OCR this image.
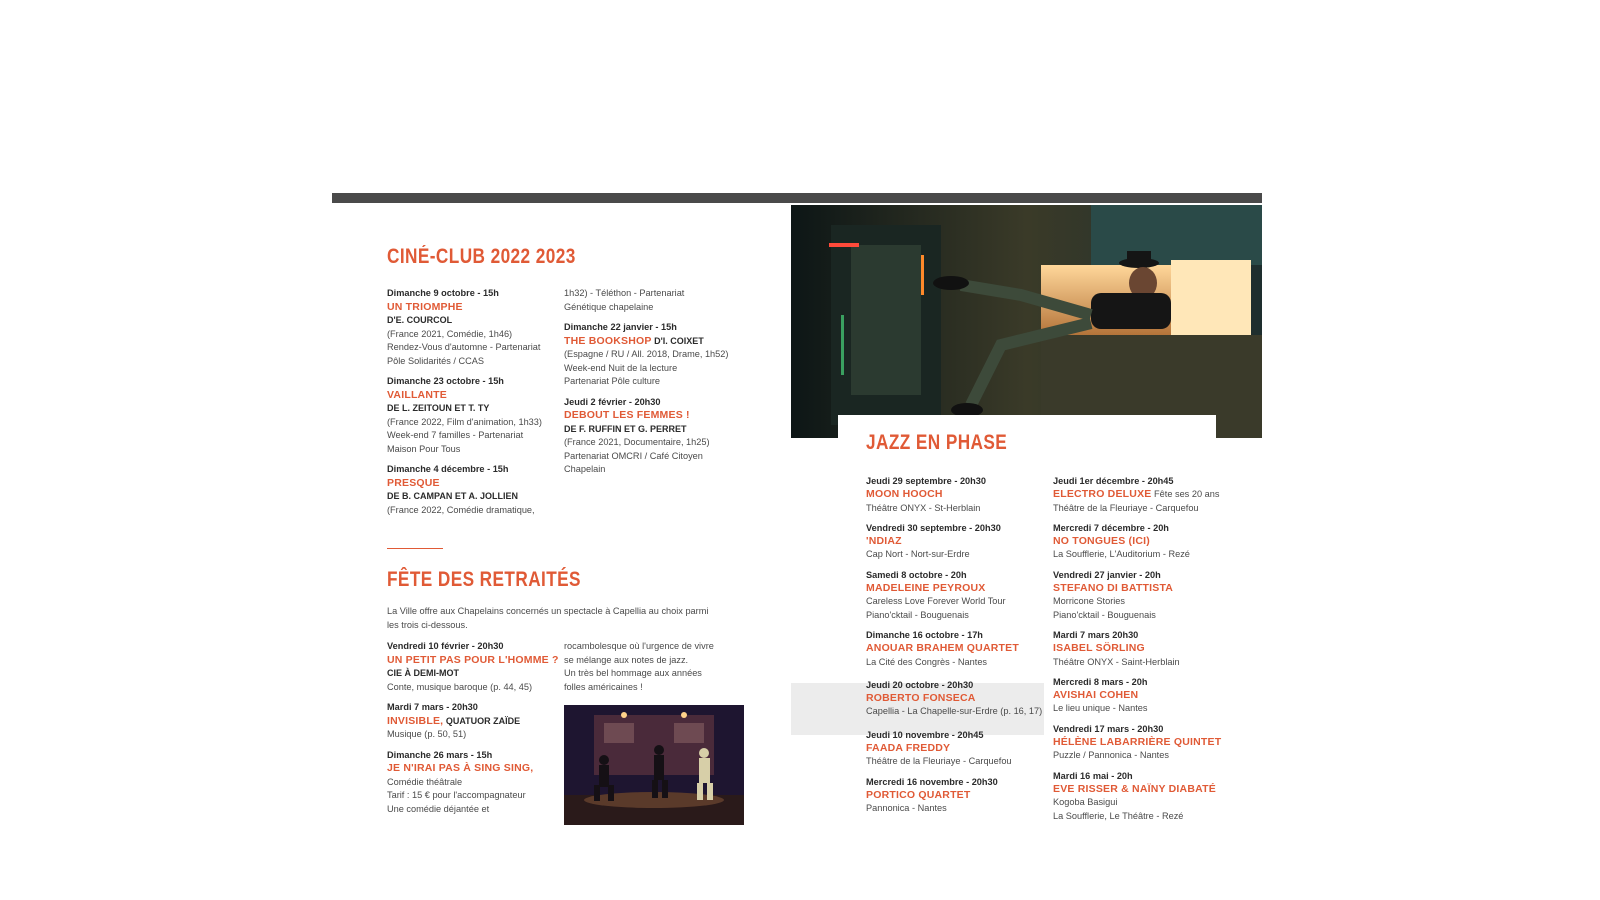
CINÉ-CLUB 2022 2023
Dimanche 9 octobre - 15h
UN TRIOMPHE
D'E. COURCOL
(France 2021, Comédie, 1h46)
Rendez-Vous d'automne - Partenariat
Pôle Solidarités / CCAS
Dimanche 23 octobre - 15h
VAILLANTE
DE L. ZEITOUN ET T. TY
(France 2022, Film d'animation, 1h33)
Week-end 7 familles - Partenariat
Maison Pour Tous
Dimanche 4 décembre - 15h
PRESQUE
DE B. CAMPAN ET A. JOLLIEN
(France 2022, Comédie dramatique,
1h32) - Téléthon - Partenariat
Génétique chapelaine
Dimanche 22 janvier - 15h
THE BOOKSHOP D'I. COIXET
(Espagne / RU / All. 2018, Drame, 1h52)
Week-end Nuit de la lecture
Partenariat Pôle culture
Jeudi 2 février - 20h30
DEBOUT LES FEMMES !
DE F. RUFFIN ET G. PERRET
(France 2021, Documentaire, 1h25)
Partenariat OMCRI / Café Citoyen
Chapelain
FÊTE DES RETRAITÉS
La Ville offre aux Chapelains concernés un spectacle à Capellia au choix parmi
les trois ci-dessous.
Vendredi 10 février - 20h30
UN PETIT PAS POUR L'HOMME ?
CIE À DEMI-MOT
Conte, musique baroque (p. 44, 45)
Mardi 7 mars - 20h30
INVISIBLE, QUATUOR ZAÏDE
Musique (p. 50, 51)
Dimanche 26 mars - 15h
JE N'IRAI PAS À SING SING,
Comédie théâtrale
Tarif : 15 € pour l'accompagnateur
Une comédie déjantée et
rocambolesque où l'urgence de vivre
se mélange aux notes de jazz.
Un très bel hommage aux années
folles américaines !
JAZZ EN PHASE
Jeudi 29 septembre - 20h30
MOON HOOCH
Théâtre ONYX - St-Herblain
Vendredi 30 septembre - 20h30
'NDIAZ
Cap Nort - Nort-sur-Erdre
Samedi 8 octobre - 20h
MADELEINE PEYROUX
Careless Love Forever World Tour
Piano'cktail - Bouguenais
Dimanche 16 octobre - 17h
ANOUAR BRAHEM QUARTET
La Cité des Congrès - Nantes
Jeudi 20 octobre - 20h30
ROBERTO FONSECA
Capellia - La Chapelle-sur-Erdre (p. 16, 17)
Jeudi 10 novembre - 20h45
FAADA FREDDY
Théâtre de la Fleuriaye - Carquefou
Mercredi 16 novembre - 20h30
PORTICO QUARTET
Pannonica - Nantes
Jeudi 1er décembre - 20h45
ELECTRO DELUXE Fête ses 20 ans
Théâtre de la Fleuriaye - Carquefou
Mercredi 7 décembre - 20h
NO TONGUES (ICI)
La Soufflerie, L'Auditorium - Rezé
Vendredi 27 janvier - 20h
STEFANO DI BATTISTA
Morricone Stories
Piano'cktail - Bouguenais
Mardi 7 mars 20h30
ISABEL SÖRLING
Théâtre ONYX - Saint-Herblain
Mercredi 8 mars - 20h
AVISHAI COHEN
Le lieu unique - Nantes
Vendredi 17 mars - 20h30
HÉLÈNE LABARRIÈRE QUINTET
Puzzle / Pannonica - Nantes
Mardi 16 mai - 20h
EVE RISSER & NAÏNY DIABATÉ
Kogoba Basigui
La Soufflerie, Le Théâtre - Rezé
